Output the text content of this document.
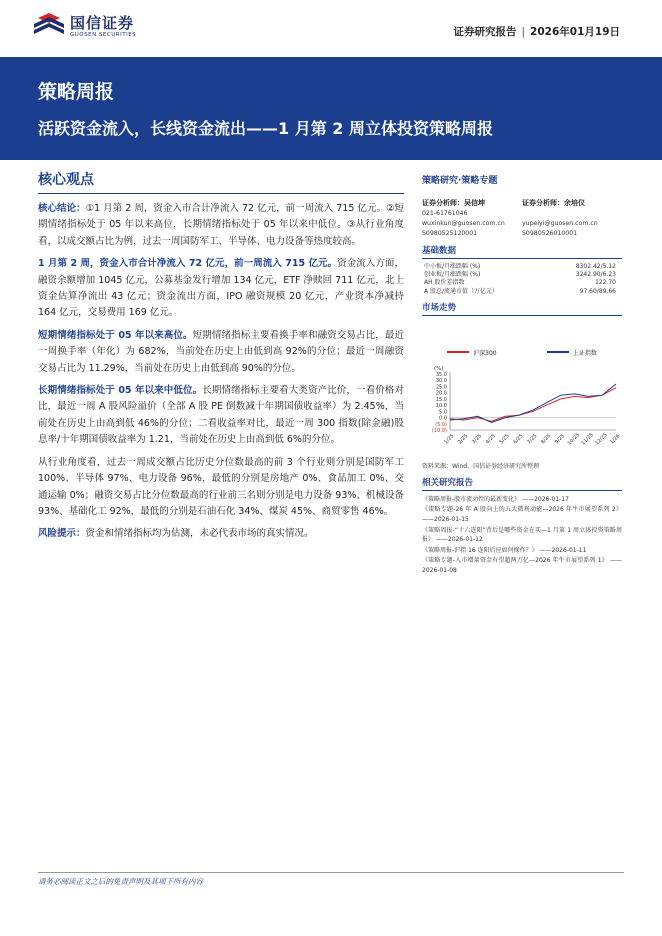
国信证券
GUOSEN SECURITIES	证券研究报告 | 2026年01月19日
策略周报
活跃资金流入，长线资金流出——1 月第 2 周立体投资策略周报
核心观点
核心结论：①1 月第 2 周，资金入市合计净流入 72 亿元，前一周流入 715 亿元。②短期情绪指标处于 05 年以来高位，长期情绪指标处于 05 年以来中低位。③从行业角度看，以成交额占比为例，过去一周国防军工、半导体、电力设备等热度较高。
1 月第 2 周，资金入市合计净流入 72 亿元，前一周流入 715 亿元。资金流入方面，融资余额增加 1045 亿元，公募基金发行增加 134 亿元，ETF 净赎回 711 亿元，北上资金估算净流出 43 亿元；资金流出方面，IPO 融资规模 20 亿元，产业资本净减持 164 亿元，交易费用 169 亿元。
短期情绪指标处于 05 年以来高位。短期情绪指标主要看换手率和融资交易占比，最近一周换手率（年化）为 682%，当前处在历史上由低到高 92%的分位；最近一周融资交易占比为 11.29%，当前处在历史上由低到高 90%的分位。
长期情绪指标处于 05 年以来中低位。长期情绪指标主要看大类资产比价，一看价格对比，最近一周 A 股风险溢价（全部 A 股 PE 倒数减十年期国债收益率）为 2.45%，当前处在历史上由高到低 46%的分位；二看收益率对比，最近一周 300 指数(除金融)股息率/十年期国债收益率为 1.21，当前处在历史上由高到低 6%的分位。
从行业角度看，过去一周成交额占比历史分位数最高的前 3 个行业则分别是国防军工 100%、半导体 97%、电力设备 96%，最低的分别是房地产 0%、食品加工 0%、交通运输 0%；融资交易占比分位数最高的行业前三名则分别是电力设备 93%、机械设备 93%、基础化工 92%，最低的分别是石油石化 34%、煤炭 45%、商贸零售 46%。
风险提示：资金和情绪指标均为估测，未必代表市场的真实情况。
策略研究·策略专题
证券分析师：吴信坤
021-61761046
wuxinkun@guosen.com.cn
S0980525120001
证券分析师：余培仪

yupeiyi@guosen.com.cn
S0980526010001
基础数据
中小板/月涨跌幅 (%)	8302.42/5.12
创业板/月涨跌幅 (%)	3242.90/6.23
AH 股价差指数	122.70
A 股总/流通市值（万亿元）	97.60/89.66
市场走势
35.0
30.0
25.0
20.0
15.0
10.0
5.0
0.0
(5.0)
(10.0)
1/25 2/25 3/25 4/25 5/25 6/25 7/25 8/25 9/25 10/25 11/25 12/25 1/26
沪深300	上证指数
(%)
资料来源：Wind、国信证券经济研究所整理
相关研究报告
《策略周报-股市流动性的最新变化》 ——2026-01-17
《策略专题-26 年 A 股向上的五大微观动能—2026 年牛市展望系列 2》 ——2026-01-15
《策略周报-“十六连阳”背后是哪些资金在买—1 月第 1 周立体投资策略周报》 ——2026-01-12
《策略周报-沪指 16 连阳后应如何操作？》 ——2026-01-11
《策略专题-入市增量资金有望超两万亿—2026 年牛市展望系列 1》 ——2026-01-08
请务必阅读正文之后的免责声明及其项下所有内容
